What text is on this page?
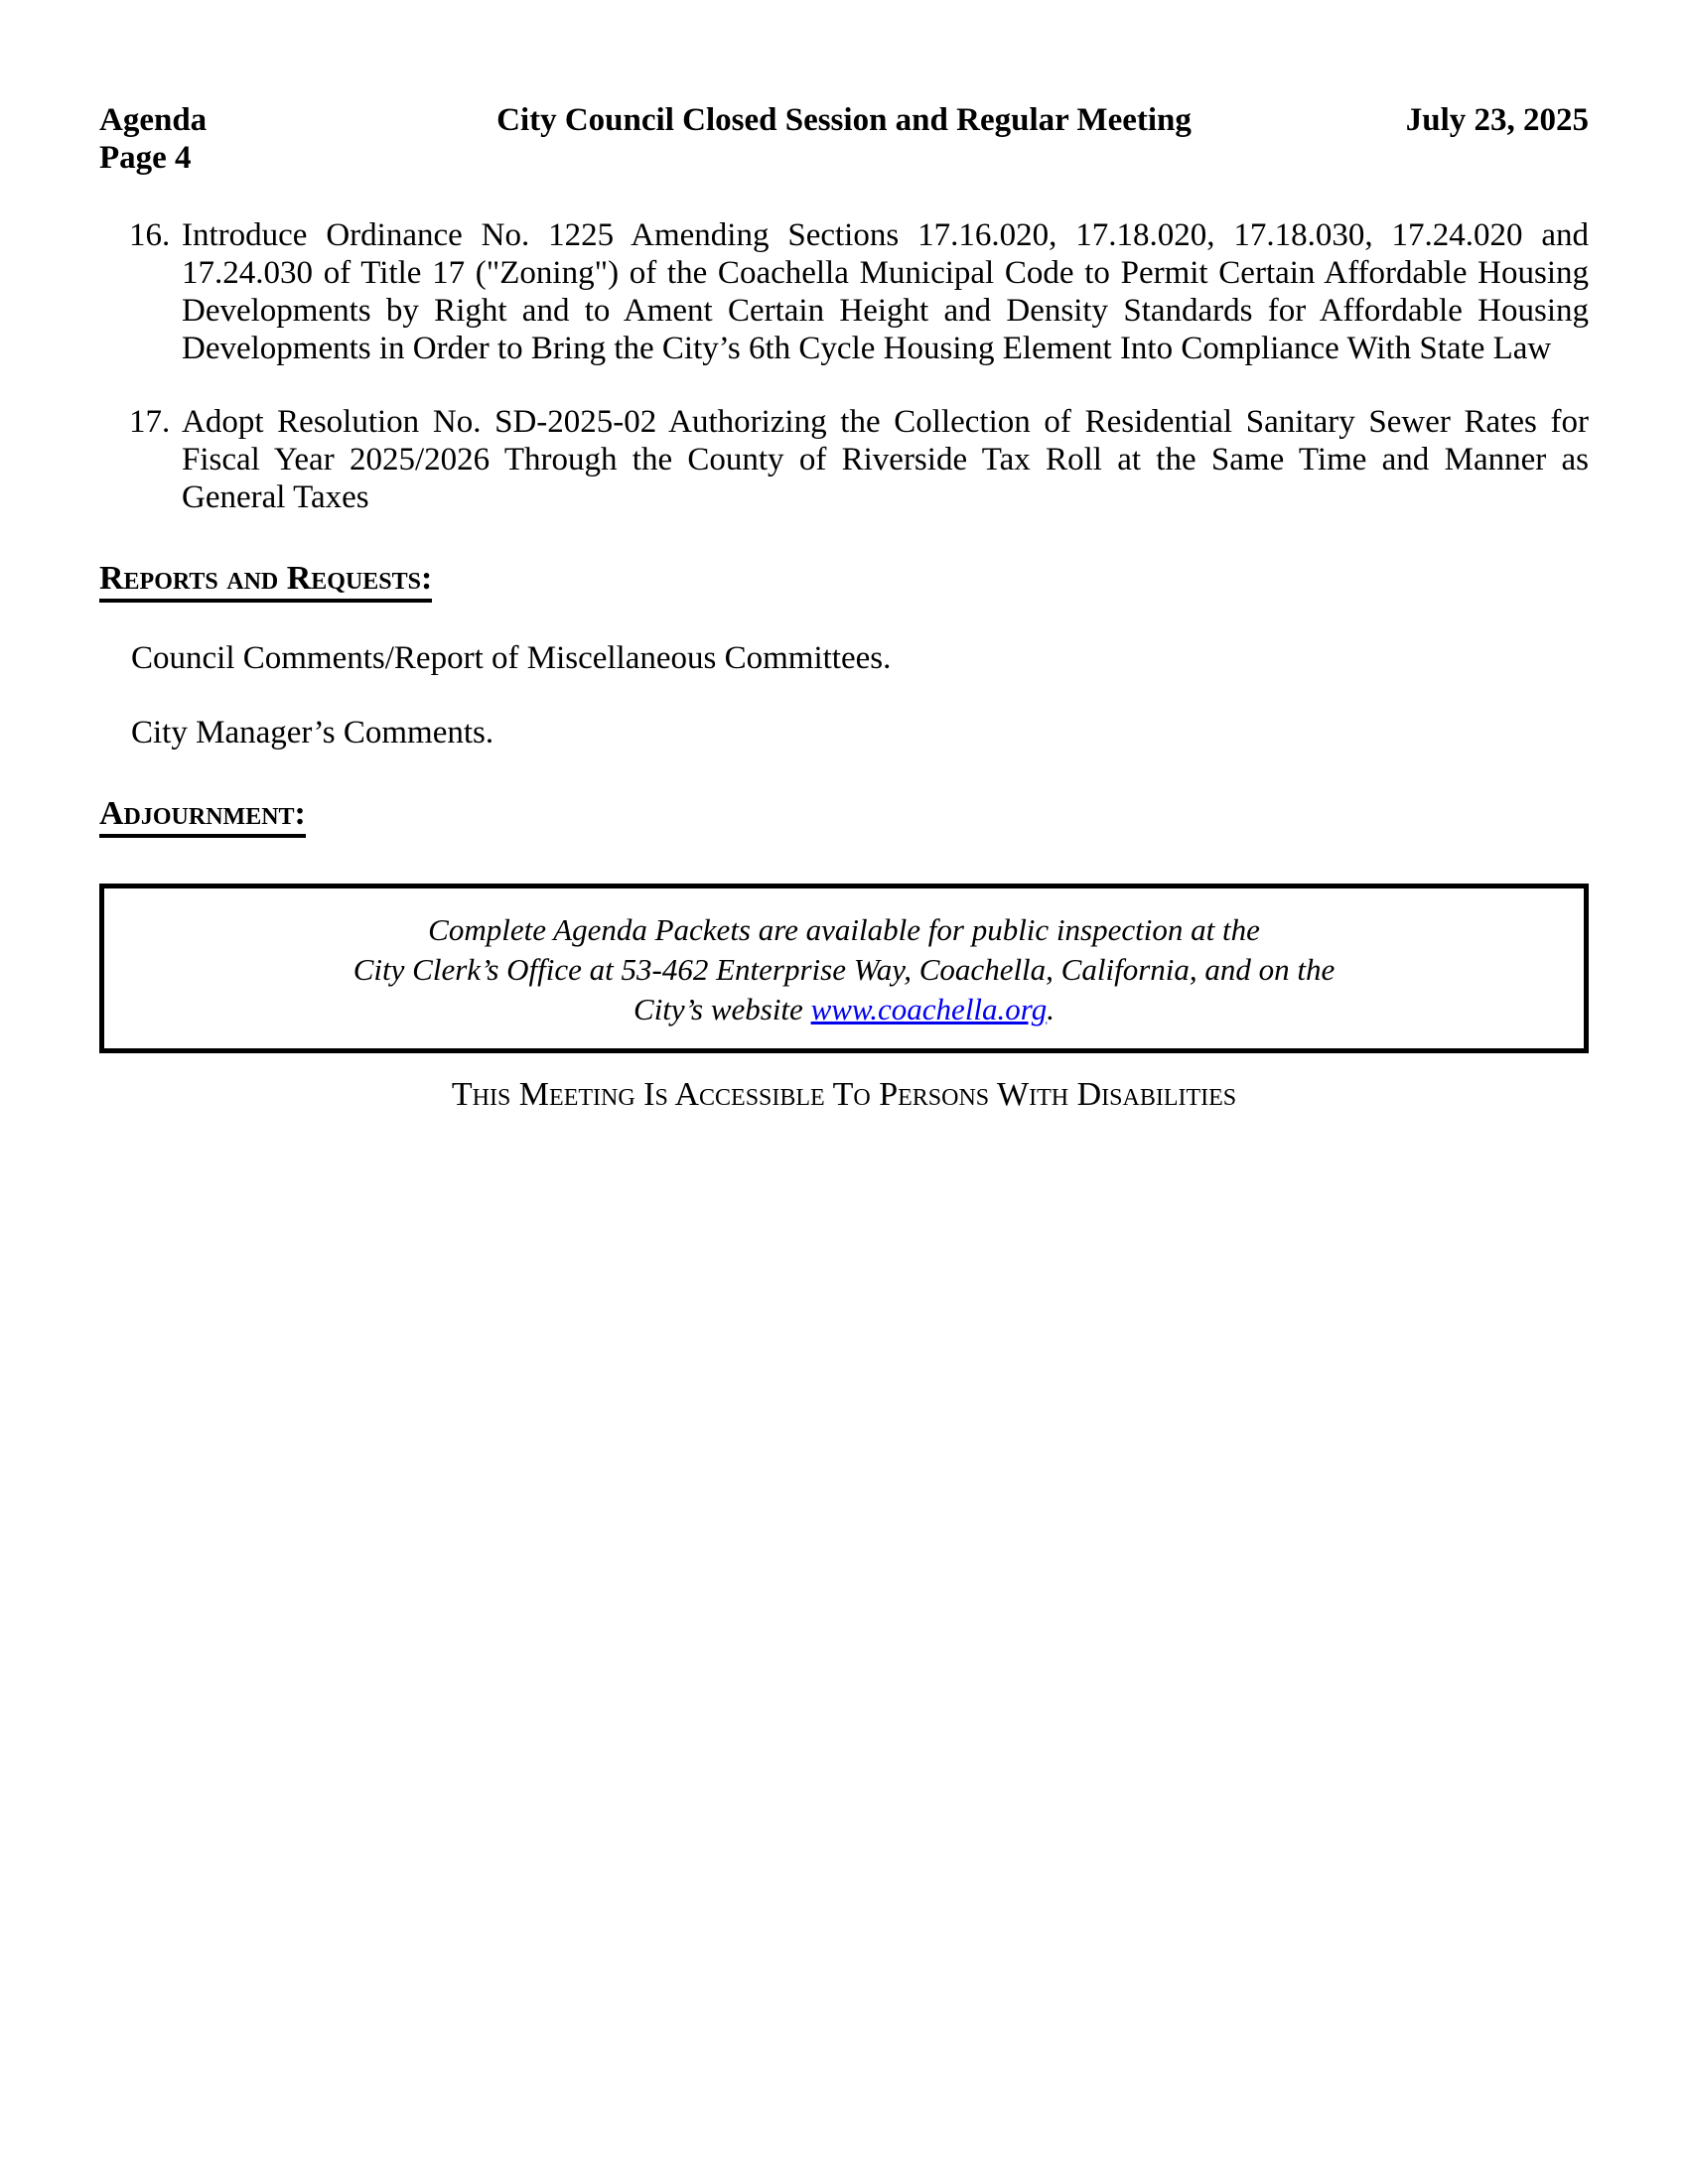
Agenda
Page 4
City Council Closed Session and Regular Meeting	July 23, 2025
16. Introduce Ordinance No. 1225 Amending Sections 17.16.020, 17.18.020, 17.18.030, 17.24.020 and 17.24.030 of Title 17 ("Zoning") of the Coachella Municipal Code to Permit Certain Affordable Housing Developments by Right and to Ament Certain Height and Density Standards for Affordable Housing Developments in Order to Bring the City’s 6th Cycle Housing Element Into Compliance With State Law
17. Adopt Resolution No. SD-2025-02 Authorizing the Collection of Residential Sanitary Sewer Rates for Fiscal Year 2025/2026 Through the County of Riverside Tax Roll at the Same Time and Manner as General Taxes
Reports and Requests:
Council Comments/Report of Miscellaneous Committees.
City Manager’s Comments.
Adjournment:
Complete Agenda Packets are available for public inspection at the
City Clerk’s Office at 53-462 Enterprise Way, Coachella, California, and on the
City’s website www.coachella.org.
This Meeting Is Accessible To Persons With Disabilities
